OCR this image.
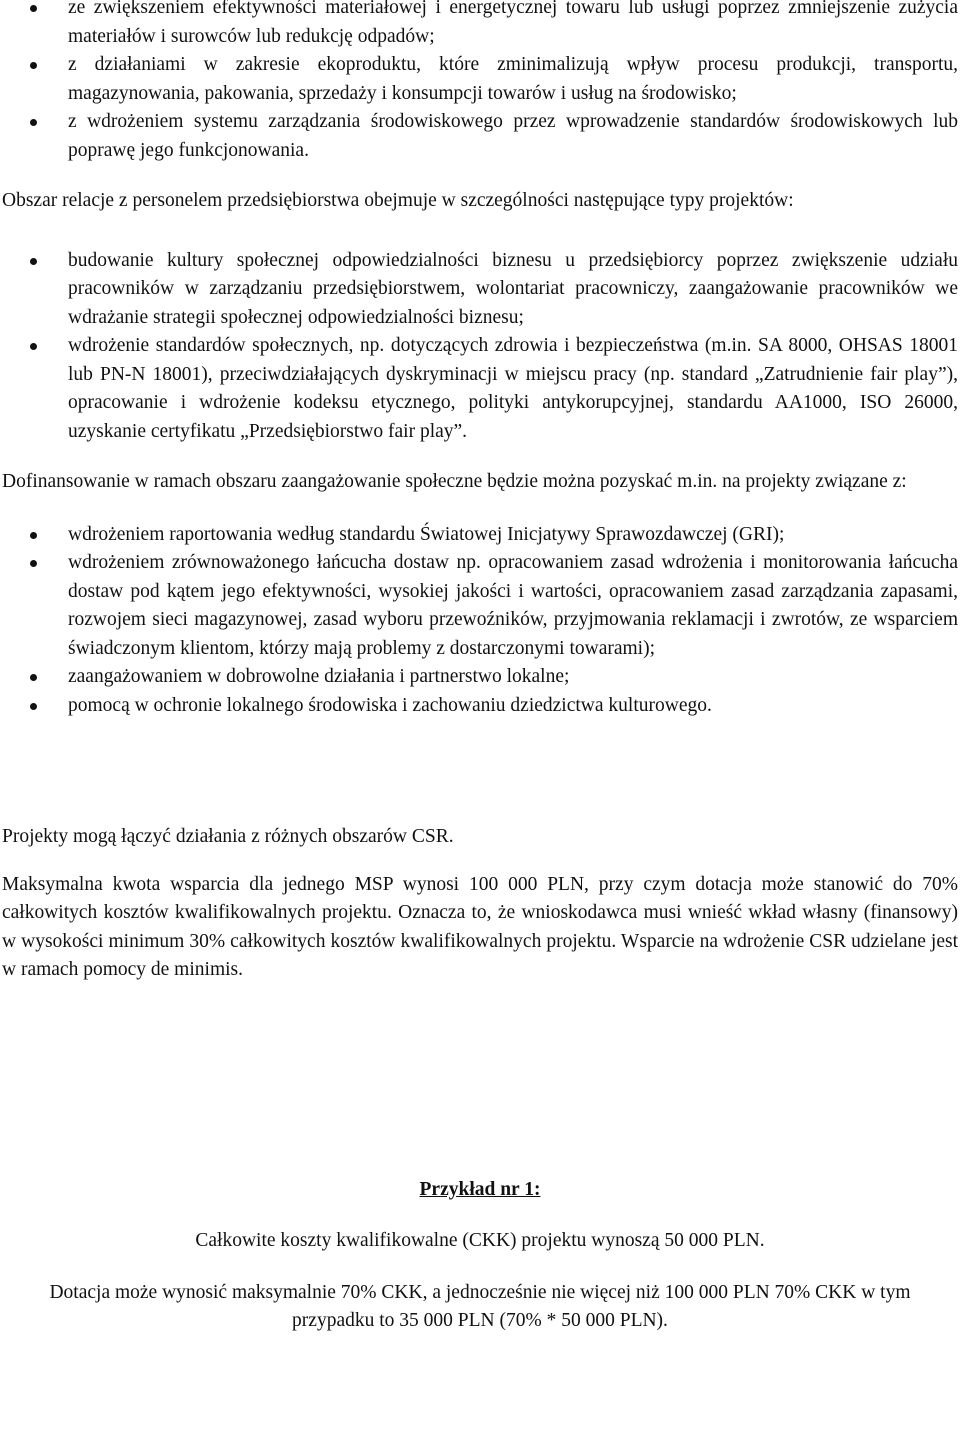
ze zwiększeniem efektywności materiałowej i energetycznej towaru lub usługi poprzez zmniejszenie zużycia materiałów i surowców lub redukcję odpadów;
z działaniami w zakresie ekoproduktu, które zminimalizują wpływ procesu produkcji, transportu, magazynowania, pakowania, sprzedaży i konsumpcji towarów i usług na środowisko;
z wdrożeniem systemu zarządzania środowiskowego przez wprowadzenie standardów środowiskowych lub poprawę jego funkcjonowania.

Obszar relacje z personelem przedsiębiorstwa obejmuje w szczególności następujące typy projektów:

budowanie kultury społecznej odpowiedzialności biznesu u przedsiębiorcy poprzez zwiększenie udziału pracowników w zarządzaniu przedsiębiorstwem, wolontariat pracowniczy, zaangażowanie pracowników we wdrażanie strategii społecznej odpowiedzialności biznesu;
wdrożenie standardów społecznych, np. dotyczących zdrowia i bezpieczeństwa (m.in. SA 8000, OHSAS 18001 lub PN-N 18001), przeciwdziałających dyskryminacji w miejscu pracy (np. standard „Zatrudnienie fair play”), opracowanie i wdrożenie kodeksu etycznego, polityki antykorupcyjnej, standardu AA1000, ISO 26000, uzyskanie certyfikatu „Przedsiębiorstwo fair play”.

Dofinansowanie w ramach obszaru zaangażowanie społeczne będzie można pozyskać m.in. na projekty związane z:

wdrożeniem raportowania według standardu Światowej Inicjatywy Sprawozdawczej (GRI);
wdrożeniem zrównoważonego łańcucha dostaw np. opracowaniem zasad wdrożenia i monitorowania łańcucha dostaw pod kątem jego efektywności, wysokiej jakości i wartości, opracowaniem zasad zarządzania zapasami, rozwojem sieci magazynowej, zasad wyboru przewoźników, przyjmowania reklamacji i zwrotów, ze wsparciem świadczonym klientom, którzy mają problemy z dostarczonymi towarami);
zaangażowaniem w dobrowolne działania i partnerstwo lokalne;
pomocą w ochronie lokalnego środowiska i zachowaniu dziedzictwa kulturowego.

Projekty mogą łączyć działania z różnych obszarów CSR.

Maksymalna kwota wsparcia dla jednego MSP wynosi 100 000 PLN, przy czym dotacja może stanowić do 70% całkowitych kosztów kwalifikowalnych projektu. Oznacza to, że wnioskodawca musi wnieść wkład własny (finansowy) w wysokości minimum 30% całkowitych kosztów kwalifikowalnych projektu. Wsparcie na wdrożenie CSR udzielane jest w ramach pomocy de minimis.

Przykład nr 1:

Całkowite koszty kwalifikowalne (CKK) projektu wynoszą 50 000 PLN.

Dotacja może wynosić maksymalnie 70% CKK, a jednocześnie nie więcej niż 100 000 PLN 70% CKK w tym przypadku to 35 000 PLN (70% * 50 000 PLN).
